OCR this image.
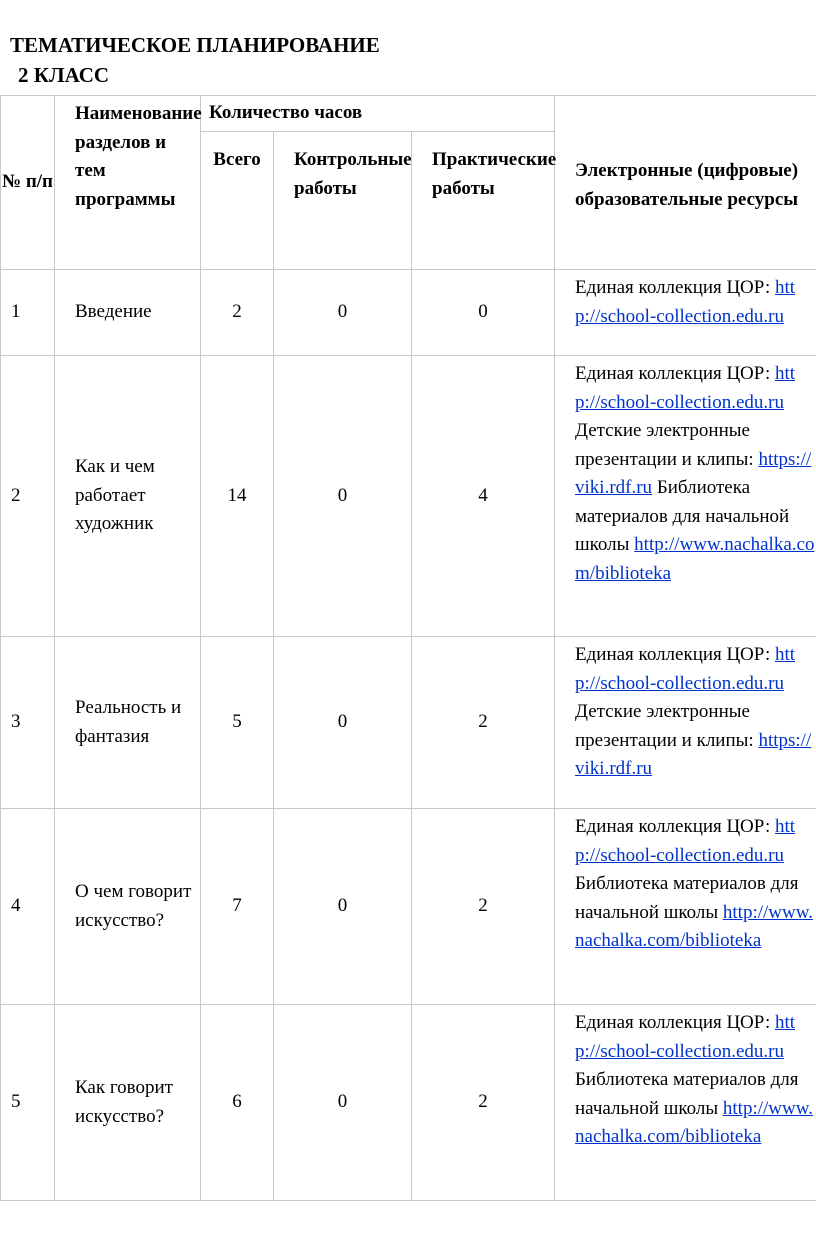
ТЕМАТИЧЕСКОЕ ПЛАНИРОВАНИЕ
2 КЛАСС
№ п/п	Наименование разделов и тем программы	Количество часов			Электронные (цифровые) образовательные ресурсы
		Всего	Контрольные работы	Практические работы	
1	Введение	2	0	0	Единая коллекция ЦОР: http://school-collection.edu.ru
2	Как и чем работает художник	14	0	4	Единая коллекция ЦОР: http://school-collection.edu.ru Детские электронные презентации и клипы: https://viki.rdf.ru Библиотека материалов для начальной школы http://www.nachalka.com/biblioteka
3	Реальность и фантазия	5	0	2	Единая коллекция ЦОР: http://school-collection.edu.ru Детские электронные презентации и клипы: https://viki.rdf.ru
4	О чем говорит искусство?	7	0	2	Единая коллекция ЦОР: http://school-collection.edu.ru Библиотека материалов для начальной школы http://www.nachalka.com/biblioteka
5	Как говорит искусство?	6	0	2	Единая коллекция ЦОР: http://school-collection.edu.ru Библиотека материалов для начальной школы http://www.nachalka.com/biblioteka
